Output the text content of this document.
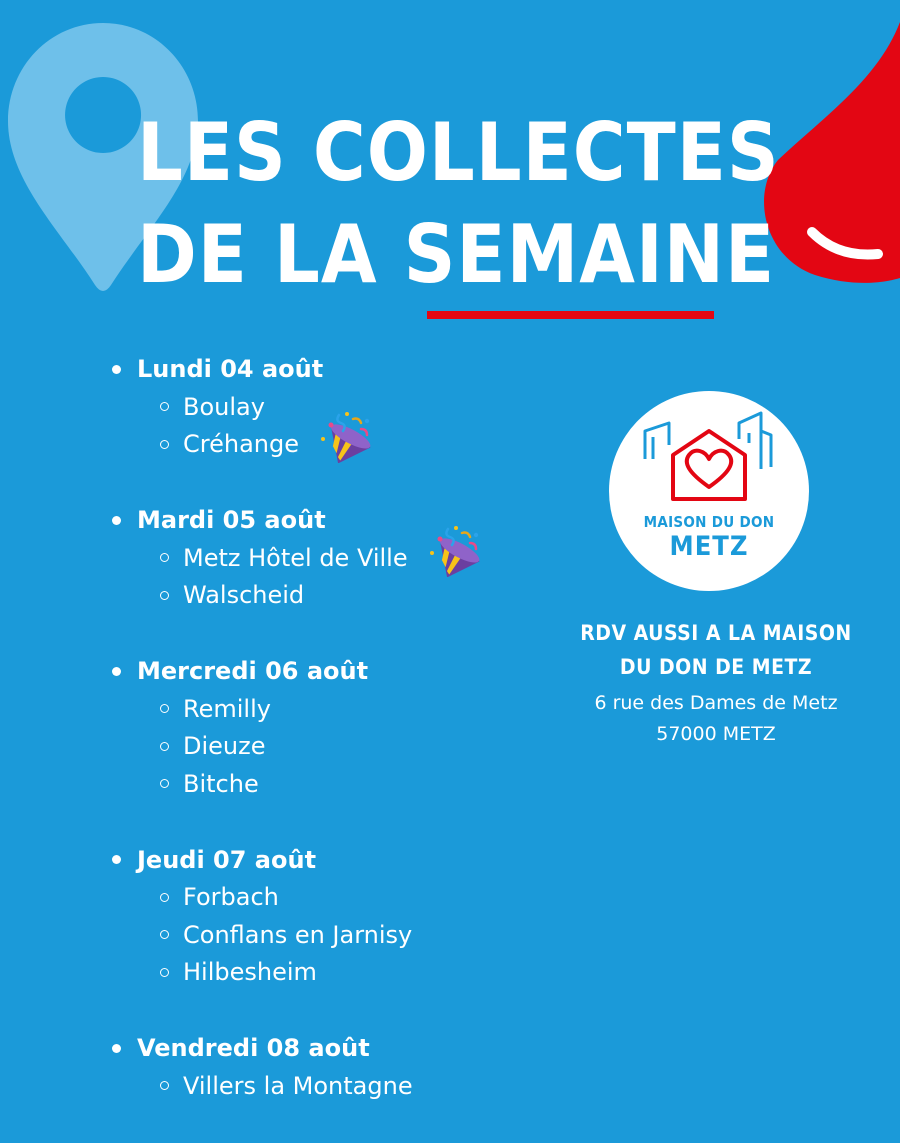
LES COLLECTES
DE LA SEMAINE
Lundi 04 août
Boulay
Créhange
Mardi 05 août
Metz Hôtel de Ville
Walscheid
Mercredi 06 août
Remilly
Dieuze
Bitche
Jeudi 07 août
Forbach
Conflans en Jarnisy
Hilbesheim
Vendredi 08 août
Villers la Montagne
MAISON DU DON
METZ
RDV AUSSI A LA MAISON
DU DON DE METZ
6 rue des Dames de Metz
57000 METZ
